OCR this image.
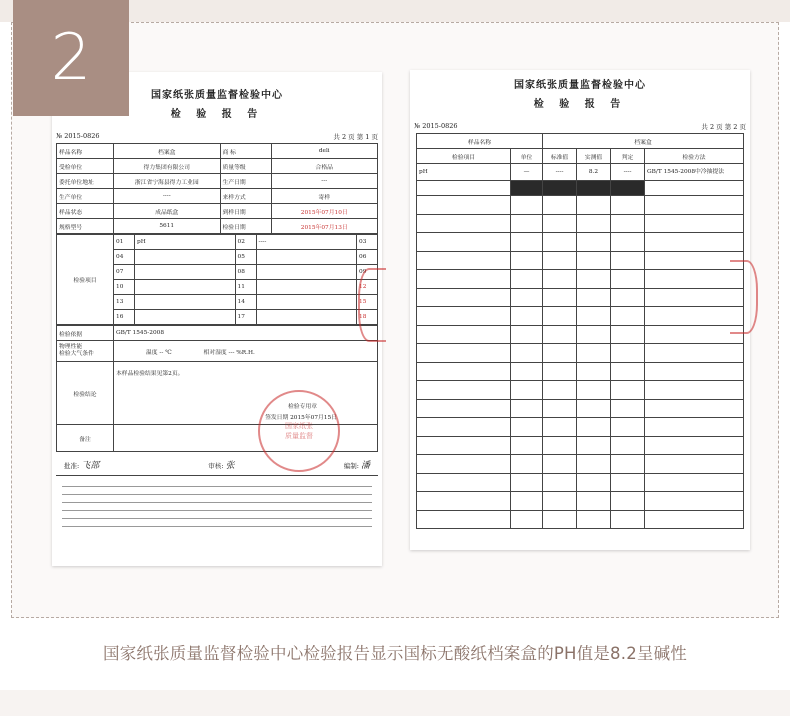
2
国家纸张质量监督检验中心
检 验 报 告
№ 2015-0826	共 2 页 第 1 页
样品名称	档案盒	商 标	deli
受检单位	得力集团有限公司	质量等级	合格品
委托单位地址	浙江省宁海县得力工业园	生产日期	---
生产单位	----	来样方式	寄样
样品状态	成品纸盒	到样日期	2015年07月10日
规格型号	5611	检验日期	2015年07月13日
检验项目	01	pH	02	----	03
	04		05		06
	07		08		09
	10		11		12
	13		14		15
	16		17		18
检验依据	GB/T 1545-2008
物理性能
检验大气条件	温度 -- ℃ 相对湿度 --- %R.H.
检验结论	本样品检验结果见第2页。
检验专用章
签发日期 2015年07月15日

备注	
批准: 飞部	审核: 张	编制: 潘
国家纸张
质量监督
国家纸张质量监督检验中心
检 验 报 告
№ 2015-0826	共 2 页 第 2 页
样品名称		档案盒			
检验项目	单位	标准值	实测值	判定	检验方法
pH	—	----	8.2	----	GB/T 1545-2008中冷抽提法

国家纸张质量监督检验中心检验报告显示国标无酸纸档案盒的PH值是8.2呈碱性
